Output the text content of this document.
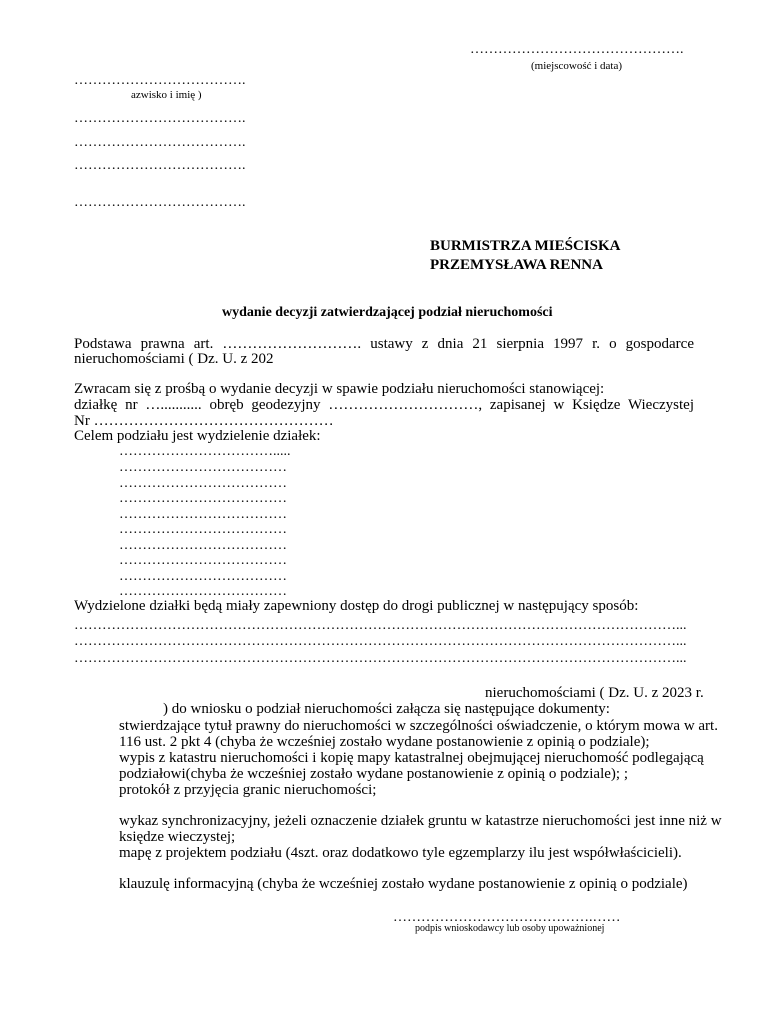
……………………………………….
(miejscowość i data)
……………………………….
azwisko i imię )
……………………………….
……………………………….
……………………………….
……………………………….
BURMISTRZA MIEŚCISKA
PRZEMYSŁAWA RENNA
wydanie decyzji zatwierdzającej podział nieruchomości
Podstawa prawna art. ………………………. ustawy z dnia 21 sierpnia 1997 r. o gospodarce
nieruchomościami ( Dz. U. z 202
Zwracam się z prośbą o wydanie decyzji w spawie podziału nieruchomości stanowiącej:
działkę nr …........... obręb geodezyjny …………………………, zapisanej w Księdze Wieczystej
Nr …………………………………………
Celem podziału jest wydzielenie działek:
…………………………….....
………………………………
………………………………
………………………………
………………………………
………………………………
………………………………
………………………………
………………………………
………………………………
Wydzielone działki będą miały zapewniony dostęp do drogi publicznej w następujący sposób:
…………………………………………………………………………………………………………………...
…………………………………………………………………………………………………………………...
…………………………………………………………………………………………………………………...
nieruchomościami ( Dz. U. z 2023 r.
) do wniosku o podział nieruchomości załącza się następujące dokumenty:
stwierdzające tytuł prawny do nieruchomości w szczególności oświadczenie, o którym mowa w art.
116 ust. 2 pkt 4 (chyba że wcześniej zostało wydane postanowienie z opinią o podziale);
wypis z katastru nieruchomości i kopię mapy katastralnej obejmującej nieruchomość podlegającą
podziałowi(chyba że wcześniej zostało wydane postanowienie z opinią o podziale); ;
protokół z przyjęcia granic nieruchomości;
wykaz synchronizacyjny, jeżeli oznaczenie działek gruntu w katastrze nieruchomości jest inne niż w
księdze wieczystej;
mapę z projektem podziału (4szt. oraz dodatkowo tyle egzemplarzy ilu jest współwłaścicieli).
klauzulę informacyjną (chyba że wcześniej zostało wydane postanowienie z opinią o podziale)
…………………………………….……
podpis wnioskodawcy lub osoby upoważnionej
